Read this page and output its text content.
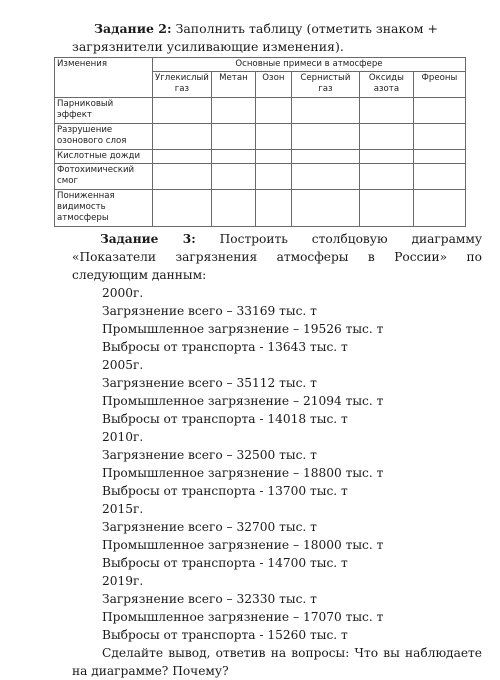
Задание 2: Заполнить таблицу (отметить знаком + загрязнители усиливающие изменения).
Изменения	Основные примеси в атмосфере					
	Углекислый газ	Метан	Озон	Сернистый газ	Оксиды азота	Фреоны
Парниковый эффект						
Разрушение озонового слоя						
Кислотные дожди						
Фотохимический смог						
Пониженная видимость атмосферы						

Задание 3: Построить столбцовую диаграмму «Показатели загрязнения атмосферы в России» по следующим данным:

2000г.

Загрязнение всего – 33169 тыс. т

Промышленное загрязнение – 19526 тыс. т

Выбросы от транспорта - 13643 тыс. т

2005г.

Загрязнение всего – 35112 тыс. т

Промышленное загрязнение – 21094 тыс. т

Выбросы от транспорта - 14018 тыс. т

2010г.

Загрязнение всего – 32500 тыс. т

Промышленное загрязнение – 18800 тыс. т

Выбросы от транспорта - 13700 тыс. т

2015г.

Загрязнение всего – 32700 тыс. т

Промышленное загрязнение – 18000 тыс. т

Выбросы от транспорта - 14700 тыс. т

2019г.

Загрязнение всего – 32330 тыс. т

Промышленное загрязнение – 17070 тыс. т

Выбросы от транспорта - 15260 тыс. т

Сделайте вывод, ответив на вопросы: Что вы наблюдаете на диаграмме? Почему?
